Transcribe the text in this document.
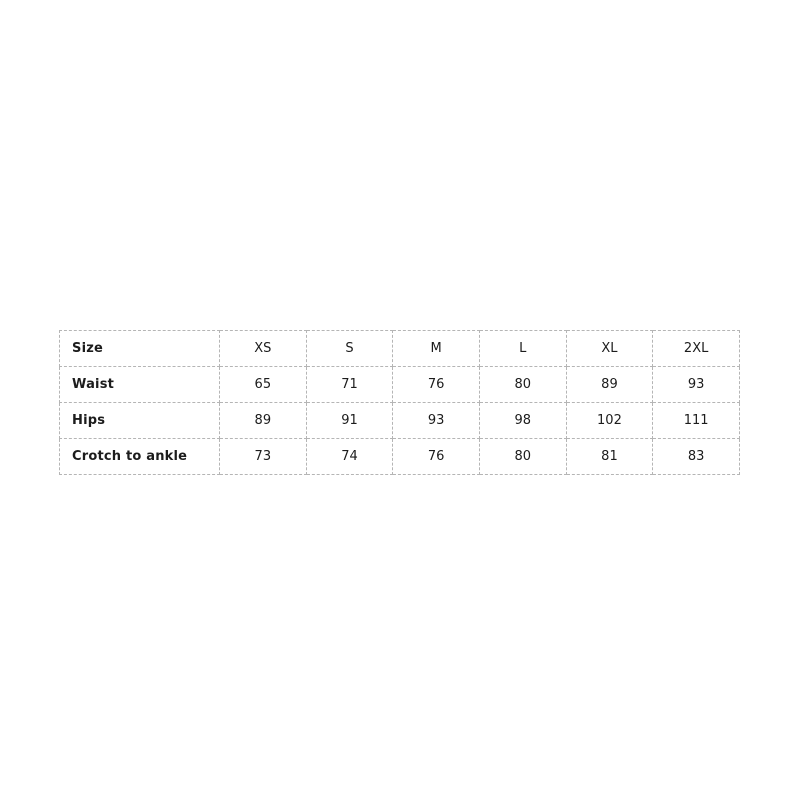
Size	XS	S	M	L	XL	2XL
Waist	65	71	76	80	89	93
Hips	89	91	93	98	102	111
Crotch to ankle	73	74	76	80	81	83
